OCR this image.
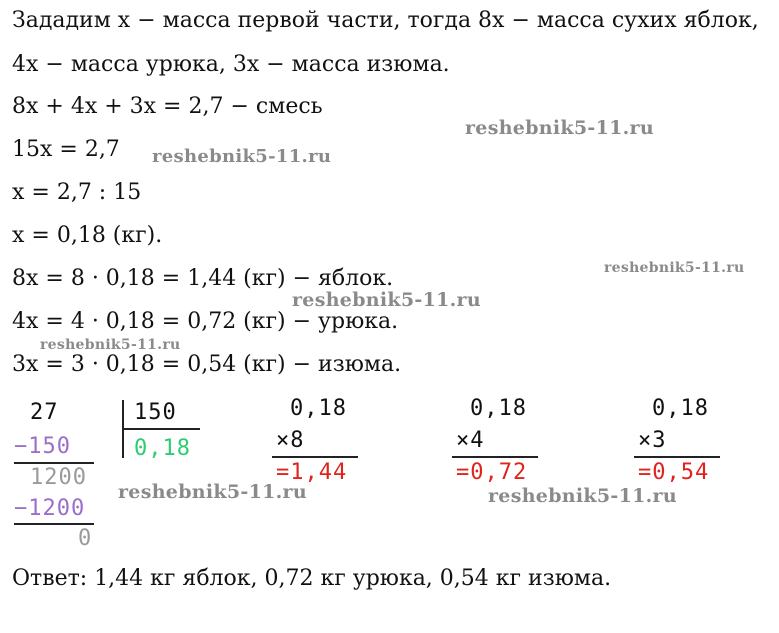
Зададим x − масса первой части, тогда 8x − масса сухих яблок,
4x − масса урюка, 3x − масса изюма.
8x + 4x + 3x = 2,7 − смесь
15x = 2,7
x = 2,7 : 15
x = 0,18 (кг).
8x = 8 · 0,18 = 1,44 (кг) − яблок.
4x = 4 · 0,18 = 0,72 (кг) − урюка.
3x = 3 · 0,18 = 0,54 (кг) − изюма.
27
−150
1200
−1200
0
150
0,18
0,18
×8
=1,44
0,18
×4
=0,72
0,18
×3
=0,54
Ответ: 1,44 кг яблок, 0,72 кг урюка, 0,54 кг изюма.
reshebnik5-11.ru
reshebnik5-11.ru
reshebnik5-11.ru
reshebnik5-11.ru
reshebnik5-11.ru
reshebnik5-11.ru	reshebnik5-11.ru
